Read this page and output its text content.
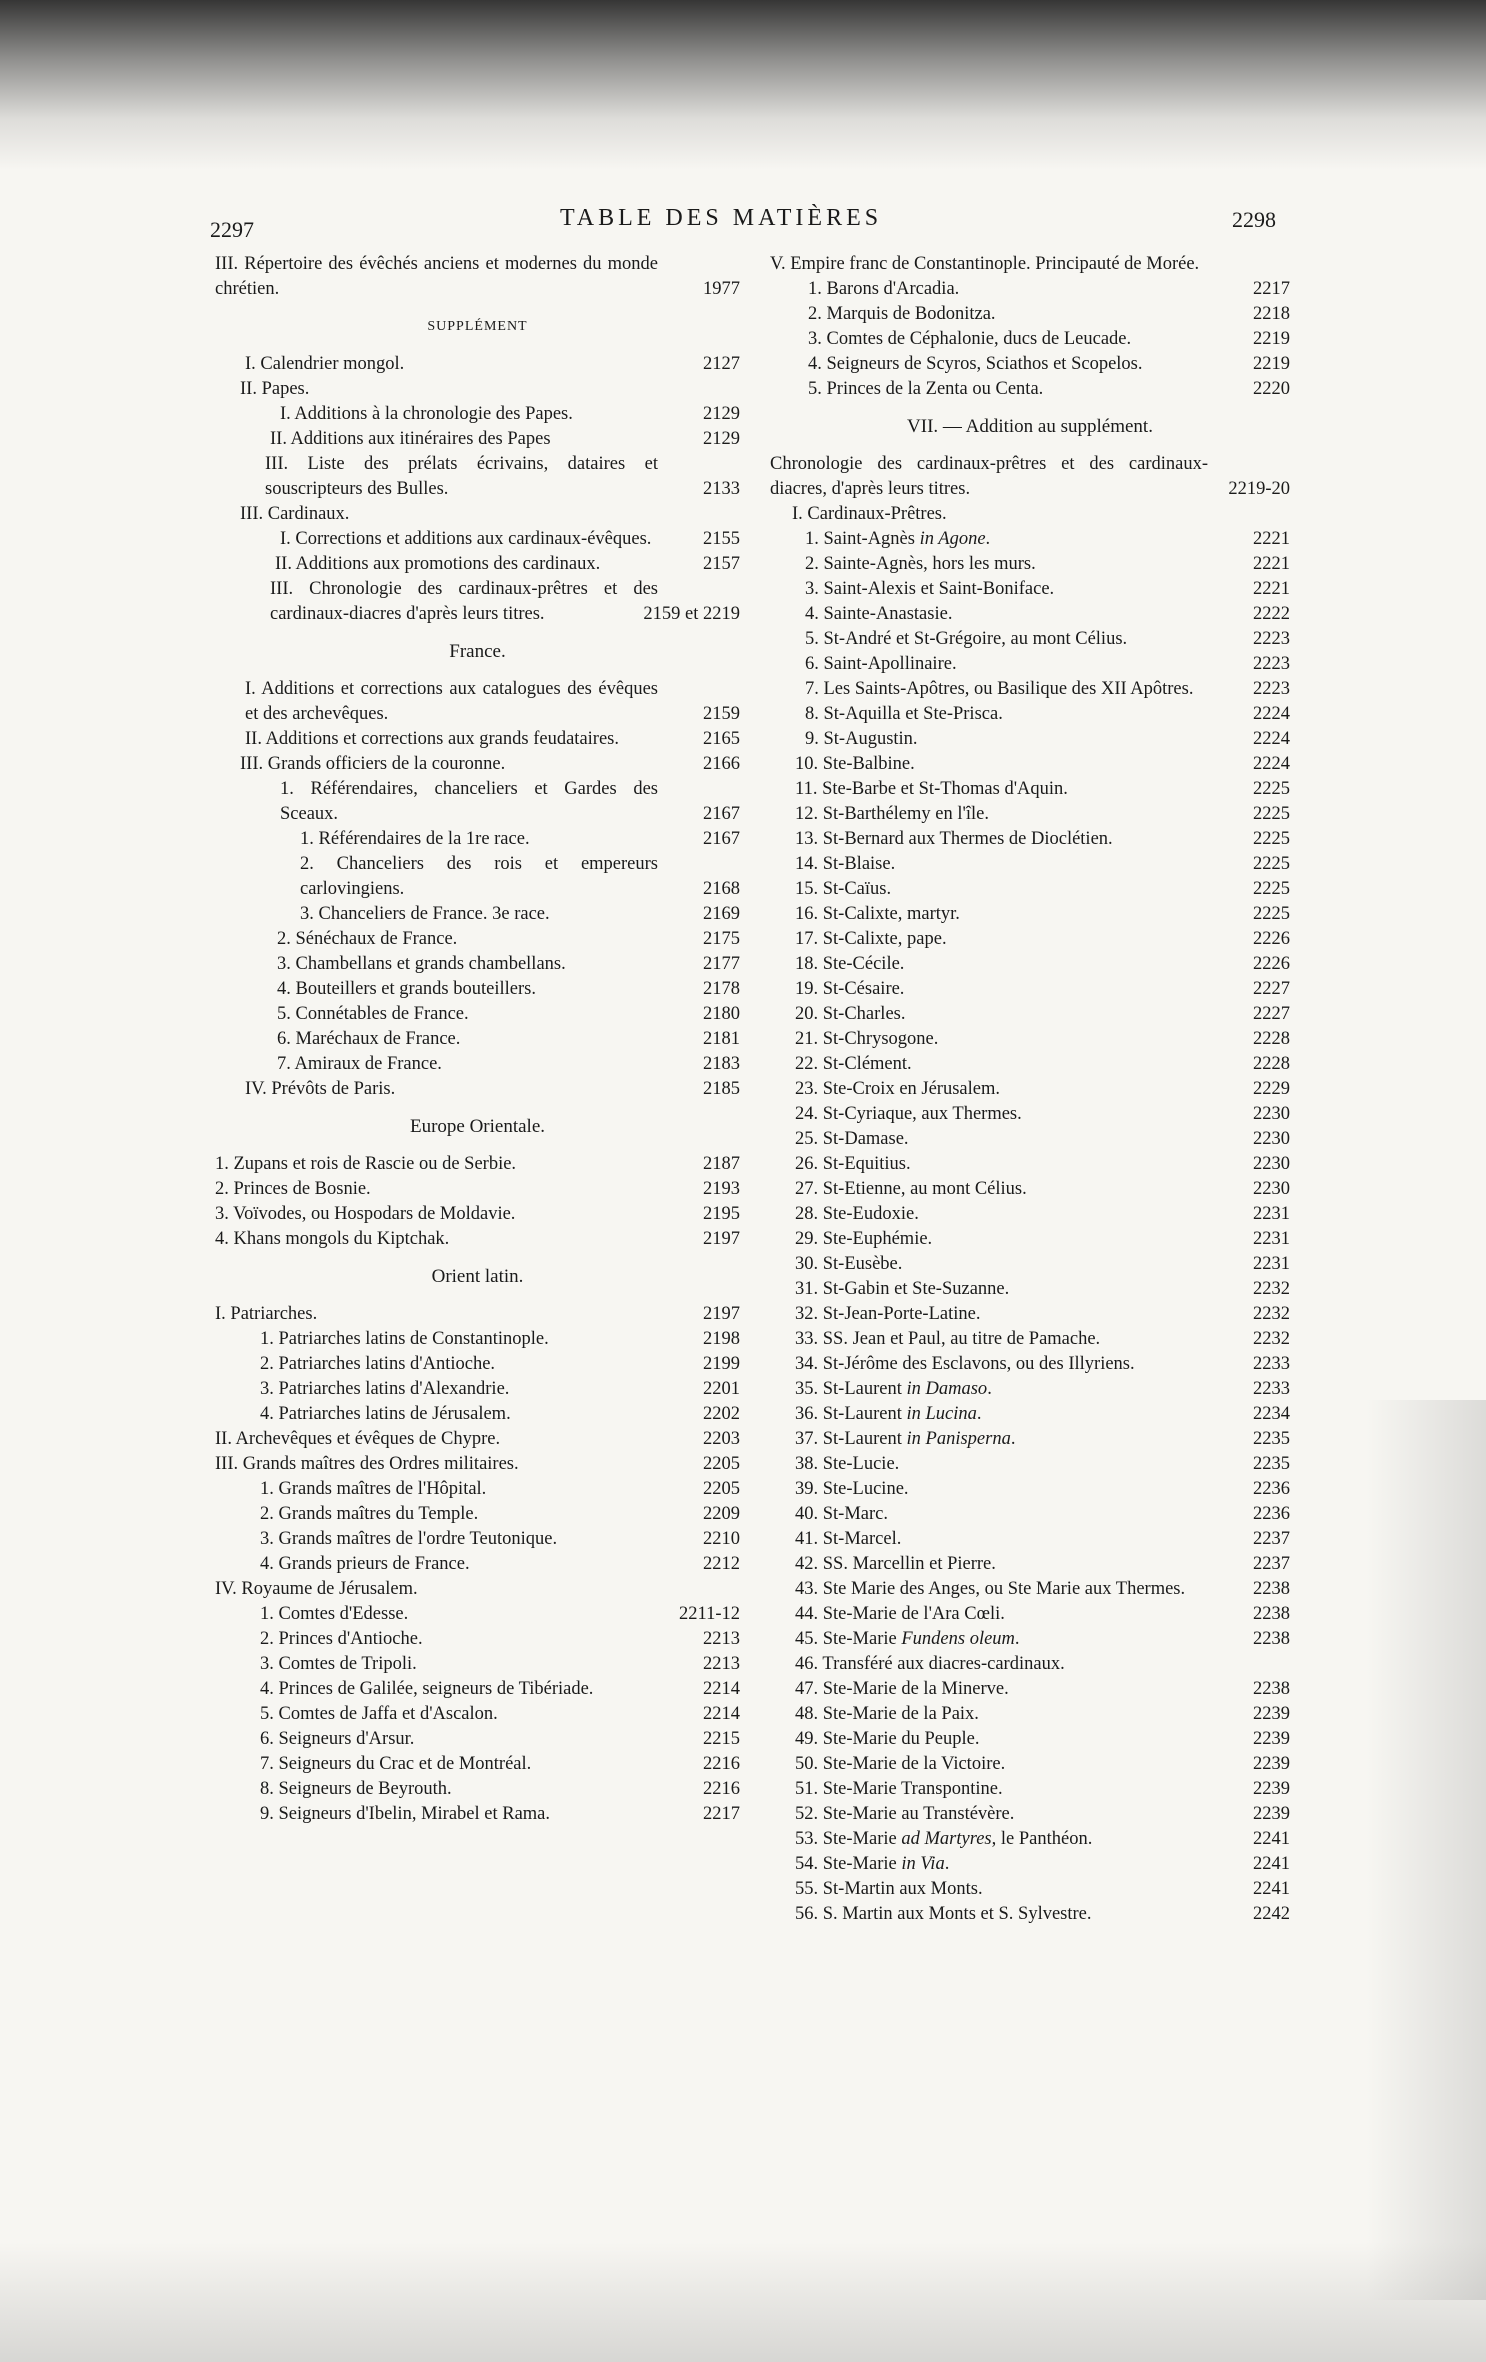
2297	TABLE DES MATIÈRES	2298
III. Répertoire des évêchés anciens et modernes du monde chrétien.	1977
SUPPLÉMENT
I. Calendrier mongol.	2127
II. Papes.
I. Additions à la chronologie des Papes.	2129
II. Additions aux itinéraires des Papes	2129
III. Liste des prélats écrivains, dataires et souscripteurs des Bulles.	2133
III. Cardinaux.
I. Corrections et additions aux cardinaux-évêques.	2155
II. Additions aux promotions des cardinaux.	2157
III. Chronologie des cardinaux-prêtres et des cardinaux-diacres d'après leurs titres.	2159 et 2219
France.
I. Additions et corrections aux catalogues des évêques et des archevêques.	2159
II. Additions et corrections aux grands feudataires.	2165
III. Grands officiers de la couronne.	2166
1. Référendaires, chanceliers et Gardes des Sceaux.	2167
1. Référendaires de la 1re race.	2167
2. Chanceliers des rois et empereurs carlovingiens.	2168
3. Chanceliers de France. 3e race.	2169
2. Sénéchaux de France.	2175
3. Chambellans et grands chambellans.	2177
4. Bouteillers et grands bouteillers.	2178
5. Connétables de France.	2180
6. Maréchaux de France.	2181
7. Amiraux de France.	2183
IV. Prévôts de Paris.	2185
Europe Orientale.
1. Zupans et rois de Rascie ou de Serbie.	2187
2. Princes de Bosnie.	2193
3. Voïvodes, ou Hospodars de Moldavie.	2195
4. Khans mongols du Kiptchak.	2197
Orient latin.
I. Patriarches.	2197
1. Patriarches latins de Constantinople.	2198
2. Patriarches latins d'Antioche.	2199
3. Patriarches latins d'Alexandrie.	2201
4. Patriarches latins de Jérusalem.	2202
II. Archevêques et évêques de Chypre.	2203
III. Grands maîtres des Ordres militaires.	2205
1. Grands maîtres de l'Hôpital.	2205
2. Grands maîtres du Temple.	2209
3. Grands maîtres de l'ordre Teutonique.	2210
4. Grands prieurs de France.	2212
IV. Royaume de Jérusalem.
1. Comtes d'Edesse.	2211-12
2. Princes d'Antioche.	2213
3. Comtes de Tripoli.	2213
4. Princes de Galilée, seigneurs de Tibériade.	2214
5. Comtes de Jaffa et d'Ascalon.	2214
6. Seigneurs d'Arsur.	2215
7. Seigneurs du Crac et de Montréal.	2216
8. Seigneurs de Beyrouth.	2216
9. Seigneurs d'Ibelin, Mirabel et Rama.	2217
V. Empire franc de Constantinople. Principauté de Morée.
1. Barons d'Arcadia.	2217
2. Marquis de Bodonitza.	2218
3. Comtes de Céphalonie, ducs de Leucade.	2219
4. Seigneurs de Scyros, Sciathos et Scopelos.	2219
5. Princes de la Zenta ou Centa.	2220
VII. — Addition au supplément.
Chronologie des cardinaux-prêtres et des cardinaux-diacres, d'après leurs titres.	2219-20
I. Cardinaux-Prêtres.
1. Saint-Agnès in Agone.	2221
2. Sainte-Agnès, hors les murs.	2221
3. Saint-Alexis et Saint-Boniface.	2221
4. Sainte-Anastasie.	2222
5. St-André et St-Grégoire, au mont Célius.	2223
6. Saint-Apollinaire.	2223
7. Les Saints-Apôtres, ou Basilique des XII Apôtres.	2223
8. St-Aquilla et Ste-Prisca.	2224
9. St-Augustin.	2224
10. Ste-Balbine.	2224
11. Ste-Barbe et St-Thomas d'Aquin.	2225
12. St-Barthélemy en l'île.	2225
13. St-Bernard aux Thermes de Dioclétien.	2225
14. St-Blaise.	2225
15. St-Caïus.	2225
16. St-Calixte, martyr.	2225
17. St-Calixte, pape.	2226
18. Ste-Cécile.	2226
19. St-Césaire.	2227
20. St-Charles.	2227
21. St-Chrysogone.	2228
22. St-Clément.	2228
23. Ste-Croix en Jérusalem.	2229
24. St-Cyriaque, aux Thermes.	2230
25. St-Damase.	2230
26. St-Equitius.	2230
27. St-Etienne, au mont Célius.	2230
28. Ste-Eudoxie.	2231
29. Ste-Euphémie.	2231
30. St-Eusèbe.	2231
31. St-Gabin et Ste-Suzanne.	2232
32. St-Jean-Porte-Latine.	2232
33. SS. Jean et Paul, au titre de Pamache.	2232
34. St-Jérôme des Esclavons, ou des Illyriens.	2233
35. St-Laurent in Damaso.	2233
36. St-Laurent in Lucina.	2234
37. St-Laurent in Panisperna.	2235
38. Ste-Lucie.	2235
39. Ste-Lucine.	2236
40. St-Marc.	2236
41. St-Marcel.	2237
42. SS. Marcellin et Pierre.	2237
43. Ste Marie des Anges, ou Ste Marie aux Thermes.	2238
44. Ste-Marie de l'Ara Cœli.	2238
45. Ste-Marie Fundens oleum.	2238
46. Transféré aux diacres-cardinaux.
47. Ste-Marie de la Minerve.	2238
48. Ste-Marie de la Paix.	2239
49. Ste-Marie du Peuple.	2239
50. Ste-Marie de la Victoire.	2239
51. Ste-Marie Transpontine.	2239
52. Ste-Marie au Transtévère.	2239
53. Ste-Marie ad Martyres, le Panthéon.	2241
54. Ste-Marie in Via.	2241
55. St-Martin aux Monts.	2241
56. S. Martin aux Monts et S. Sylvestre.	2242
